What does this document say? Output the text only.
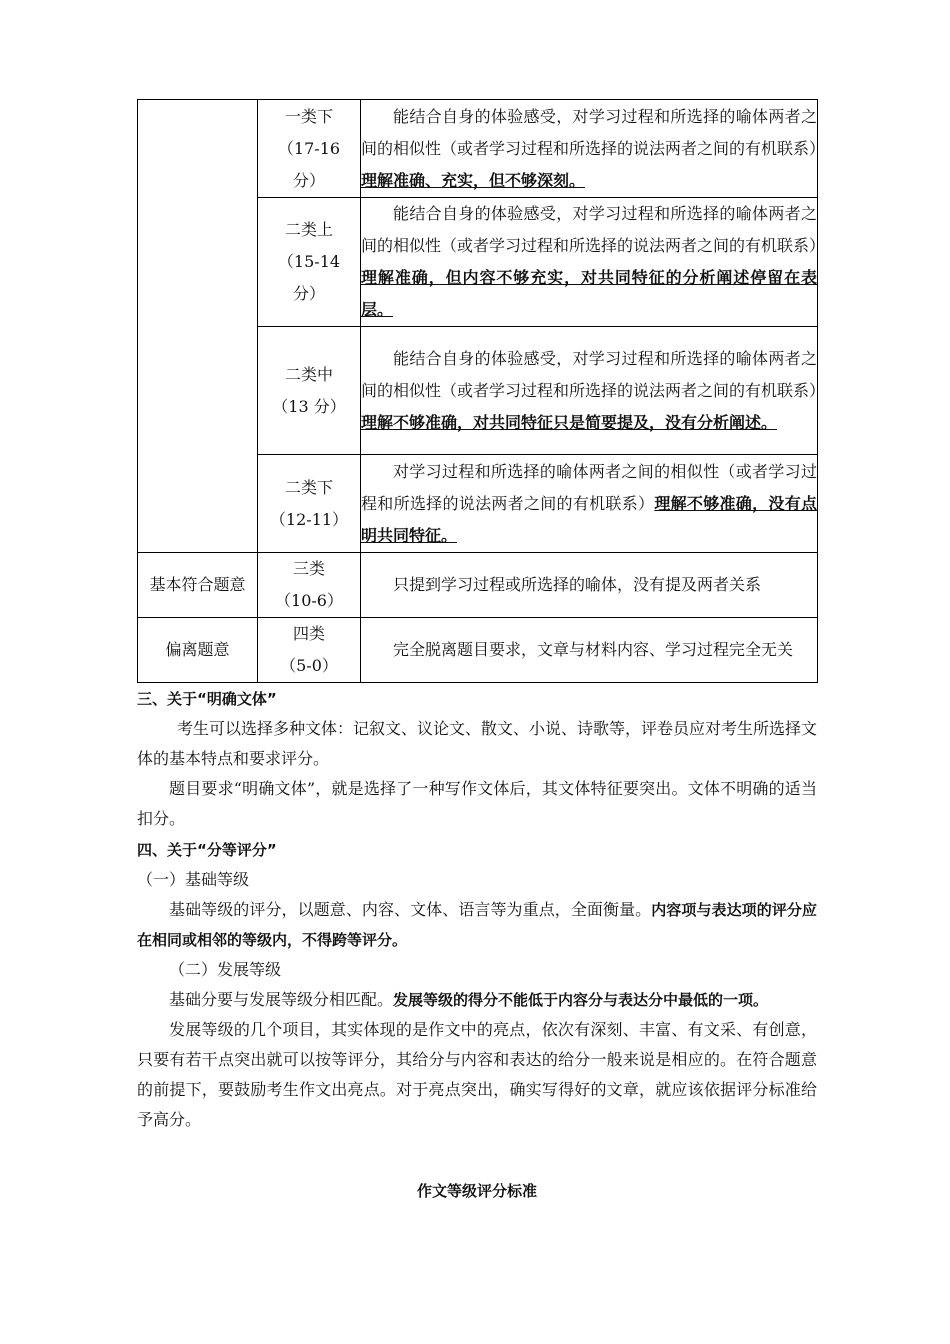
	一类下
（17-16
分）	能结合自身的体验感受，对学习过程和所选择的喻体两者之间的相似性（或者学习过程和所选择的说法两者之间的有机联系）理解准确、充实，但不够深刻。

	二类上
（15-14
分）	能结合自身的体验感受，对学习过程和所选择的喻体两者之间的相似性（或者学习过程和所选择的说法两者之间的有机联系）理解准确，但内容不够充实，对共同特征的分析阐述停留在表层。

	二类中
（13 分）	能结合自身的体验感受，对学习过程和所选择的喻体两者之间的相似性（或者学习过程和所选择的说法两者之间的有机联系）理解不够准确，对共同特征只是简要提及，没有分析阐述。

	二类下
（12-11）	对学习过程和所选择的喻体两者之间的相似性（或者学习过程和所选择的说法两者之间的有机联系）理解不够准确，没有点明共同特征。
基本符合题意	三类
（10-6）	只提到学习过程或所选择的喻体，没有提及两者关系
偏离题意	四类
（5-0）	完全脱离题目要求，文章与材料内容、学习过程完全无关
三、关于“明确文体”

考生可以选择多种文体：记叙文、议论文、散文、小说、诗歌等，评卷员应对考生所选择文体的基本特点和要求评分。

题目要求“明确文体”，就是选择了一种写作文体后，其文体特征要突出。文体不明确的适当扣分。

四、关于“分等评分”
（一）基础等级

基础等级的评分，以题意、内容、文体、语言等为重点，全面衡量。内容项与表达项的评分应在相同或相邻的等级内，不得跨等评分。

（二）发展等级

基础分要与发展等级分相匹配。发展等级的得分不能低于内容分与表达分中最低的一项。

发展等级的几个项目，其实体现的是作文中的亮点，依次有深刻、丰富、有文采、有创意，只要有若干点突出就可以按等评分，其给分与内容和表达的给分一般来说是相应的。在符合题意的前提下，要鼓励考生作文出亮点。对于亮点突出，确实写得好的文章，就应该依据评分标准给予高分。

作文等级评分标准
